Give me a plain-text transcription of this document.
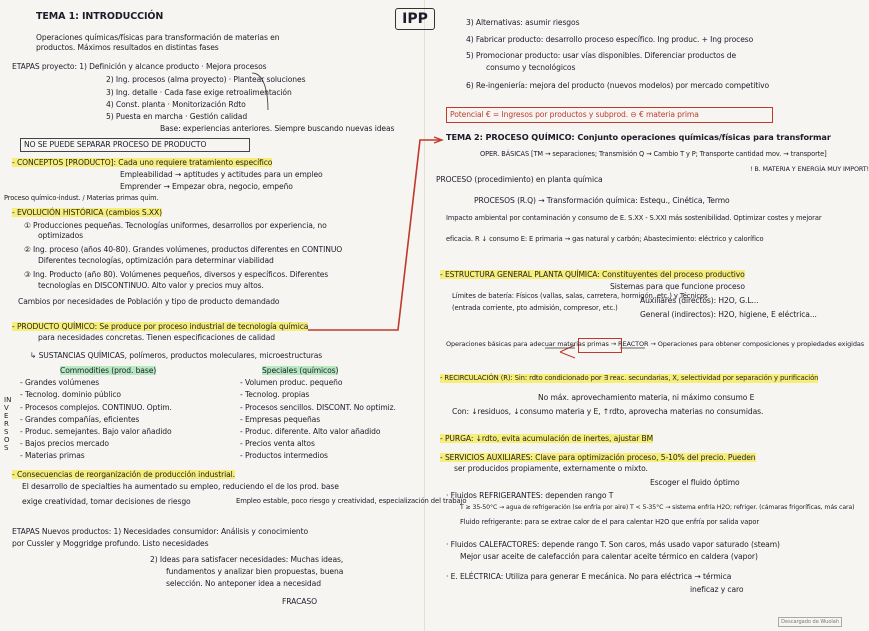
IPP
TEMA 1: INTRODUCCIÓN
Operaciones químicas/físicas para transformación de materias en
productos. Máximos resultados en distintas fases
ETAPAS proyecto: 1) Definición y alcance producto · Mejora procesos
2) Ing. procesos (alma proyecto) · Plantear soluciones
3) Ing. detalle · Cada fase exige retroalimentación
4) Const. planta · Monitorización Rdto
5) Puesta en marcha · Gestión calidad
Base: experiencias anteriores. Siempre buscando nuevas ideas
NO SE PUEDE SEPARAR PROCESO DE PRODUCTO
- CONCEPTOS [PRODUCTO]: Cada uno requiere tratamiento específico
Empleabilidad → aptitudes y actitudes para un empleo
Emprender → Empezar obra, negocio, empeño
Proceso químico-indust. / Materias primas quím.
- EVOLUCIÓN HISTÓRICA (cambios S.XX)
① Producciones pequeñas. Tecnologías uniformes, desarrollos por experiencia, no
optimizados
② Ing. proceso (años 40-80). Grandes volúmenes, productos diferentes en CONTINUO
Diferentes tecnologías, optimización para determinar viabilidad
③ Ing. Producto (año 80). Volúmenes pequeños, diversos y específicos. Diferentes
tecnologías en DISCONTINUO. Alto valor y precios muy altos.
Cambios por necesidades de Población y tipo de producto demandado
- PRODUCTO QUÍMICO: Se produce por proceso industrial de tecnología química
para necesidades concretas. Tienen especificaciones de calidad
↳ SUSTANCIAS QUÍMICAS, polímeros, productos moleculares, microestructuras
Commodities (prod. base)	Speciales (químicos)
- Grandes volúmenes
- Tecnolog. dominio público
- Procesos complejos. CONTINUO. Optim.
- Grandes compañías, eficientes
- Produc. semejantes. Bajo valor añadido
- Bajos precios mercado
- Materias primas
- Volumen produc. pequeño
- Tecnolog. propias
- Procesos sencillos. DISCONT. No optimiz.
- Empresas pequeñas
- Produc. diferente. Alto valor añadido
- Precios venta altos
- Productos intermedios
- Consecuencias de reorganización de producción industrial.
El desarrollo de specialties ha aumentado su empleo, reduciendo el de los prod. base
exige creatividad, tomar decisiones de riesgo	Empleo estable, poco riesgo y creatividad, especialización del trabajo
ETAPAS Nuevos productos: 1) Necesidades consumidor: Análisis y conocimiento
por Cussler y Moggridge profundo. Listo necesidades
2) Ideas para satisfacer necesidades: Muchas ideas,
fundamentos y analizar bien propuestas, buena
selección. No anteponer idea a necesidad
FRACASO
INVERSOS
3) Alternativas: asumir riesgos
4) Fabricar producto: desarrollo proceso específico. Ing produc. + Ing proceso
5) Promocionar producto: usar vías disponibles. Diferenciar productos de
consumo y tecnológicos
6) Re-ingeniería: mejora del producto (nuevos modelos) por mercado competitivo
Potencial € = Ingresos por productos y subprod. ⊖ € materia prima
TEMA 2: PROCESO QUÍMICO: Conjunto operaciones químicas/físicas para transformar
OPER. BÁSICAS [TM → separaciones; Transmisión Q → Cambio T y P; Transporte cantidad mov. → transporte]
PROCESO (procedimiento) en planta química
PROCESOS (R.Q) → Transformación química: Estequ., Cinética, Termo
Impacto ambiental por contaminación y consumo de E. S.XX - S.XXI más sostenibilidad. Optimizar costes y mejorar
eficacia. R ↓ consumo E: E primaria → gas natural y carbón; Abastecimiento: eléctrico y calorífico
! B. MATERIA Y ENERGÍA MUY IMPORT!
- ESTRUCTURA GENERAL PLANTA QUÍMICA: Constituyentes del proceso productivo
Sistemas para que funcione proceso
Límites de batería: Físicos (vallas, salas, carretera, hormigón, etc.) y Técnicos
(entrada corriente, pto admisión, compresor, etc.)
Auxiliares (directos): H2O, G.L...
General (indirectos): H2O, higiene, E eléctrica...
Operaciones básicas para adecuar materias primas → REACTOR → Operaciones para obtener composiciones y propiedades exigidas
- RECIRCULACIÓN (R): Sin: rdto condicionado por ∃ reac. secundarias, X, selectividad por separación y purificación
No máx. aprovechamiento materia, ni máximo consumo E
Con: ↓residuos, ↓consumo materia y E, ↑rdto, aprovecha materias no consumidas.
- PURGA: ↓rdto, evita acumulación de inertes, ajustar BM
- SERVICIOS AUXILIARES: Clave para optimización proceso, 5-10% del precio. Pueden
ser producidos propiamente, externamente o mixto.
Escoger el fluido óptimo
· Fluidos REFRIGERANTES: dependen rango T
T ≥ 35-50°C → agua de refrigeración (se enfría por aire) T < 5-35°C → sistema enfría H2O; refriger. (cámaras frigoríficas, más cara)
Fluido refrigerante: para se extrae calor de el para calentar H2O que enfría por salida vapor
· Fluidos CALEFACTORES: depende rango T. Son caros, más usado vapor saturado (steam)
Mejor usar aceite de calefacción para calentar aceite térmico en caldera (vapor)
· E. ELÉCTRICA: Utiliza para generar E mecánica. No para eléctrica → térmica
ineficaz y caro
Descargado de Wuolah
